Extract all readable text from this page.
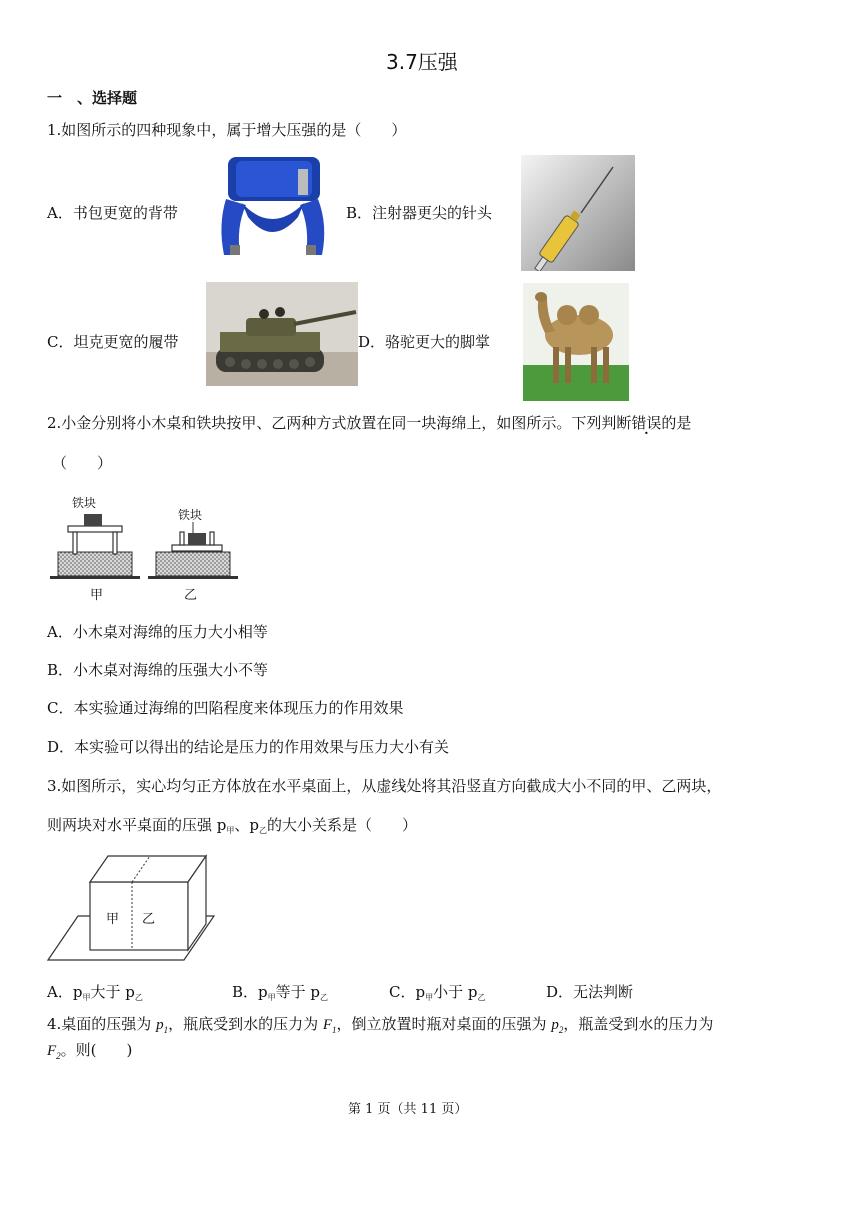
3.7压强
一　、选择题
1.如图所示的四种现象中，属于增大压强的是（　　）
A．书包更宽的背带	B．注射器更尖的针头
C．坦克更宽的履带	D．骆驼更大的脚掌
2.小金分别将小木桌和铁块按甲、乙两种方式放置在同一块海绵上，如图所示。下列判断错误的是
（　　）
铁块
铁块
甲	乙
A．小木桌对海绵的压力大小相等
B．小木桌对海绵的压强大小不等
C．本实验通过海绵的凹陷程度来体现压力的作用效果
D．本实验可以得出的结论是压力的作用效果与压力大小有关
3.如图所示，实心均匀正方体放在水平桌面上，从虚线处将其沿竖直方向截成大小不同的甲、乙两块，
则两块对水平桌面的压强 $p_甲$、$p_乙$的大小关系是（　　）
甲 乙
A．$p_甲$大于 $p_乙$	B．$p_甲$等于 $p_乙$	C．$p_甲$小于 $p_乙$	D．无法判断
4.桌面的压强为 $p_1$，瓶底受到水的压力为 $F_1$，倒立放置时瓶对桌面的压强为 $p_2$，瓶盖受到水的压力为
$F_2$。则(　　)
第 1 页（共 11 页）
